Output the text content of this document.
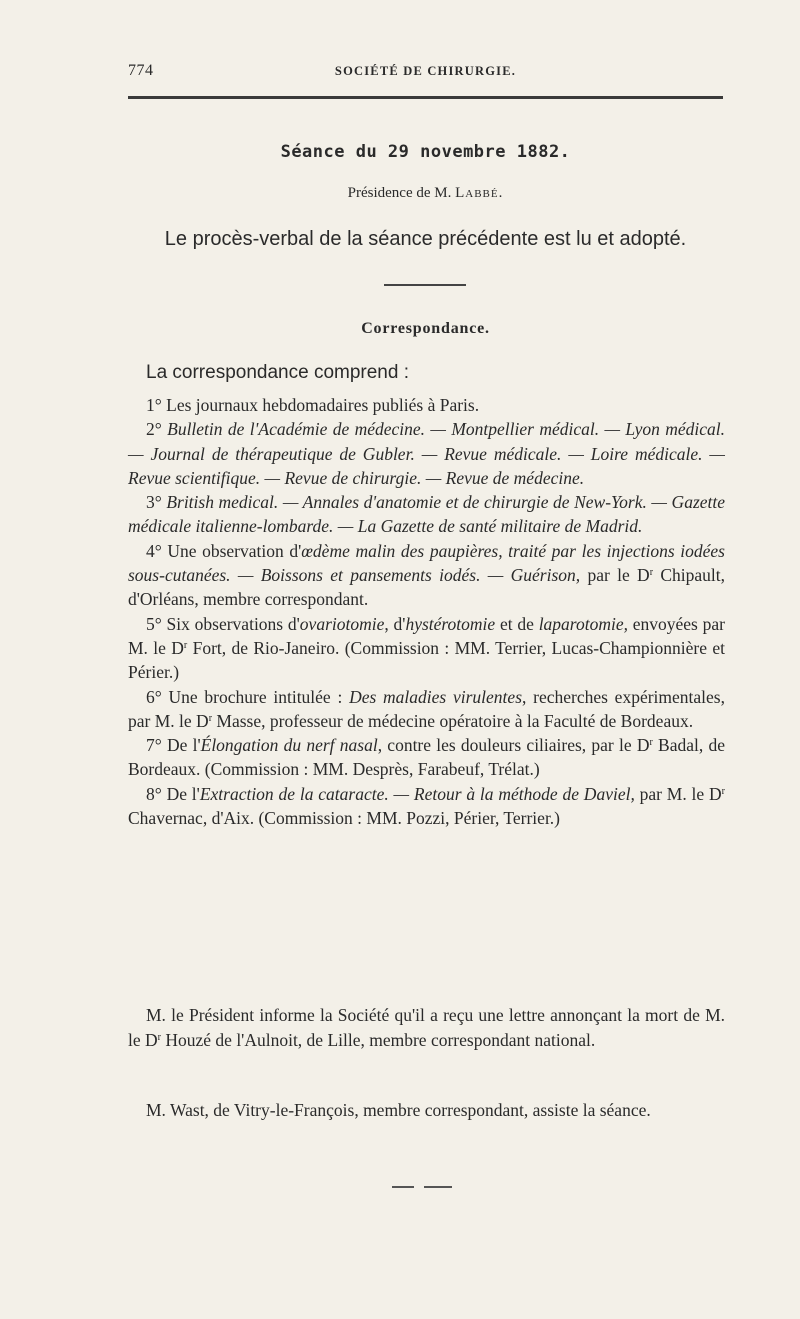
774	SOCIÉTÉ DE CHIRURGIE.
Séance du 29 novembre 1882.
Présidence de M. Labbé.
Le procès-verbal de la séance précédente est lu et adopté.
Correspondance.
La correspondance comprend :

1° Les journaux hebdomadaires publiés à Paris.

2° Bulletin de l'Académie de médecine. — Montpellier médical. — Lyon médical. — Journal de thérapeutique de Gubler. — Revue médicale. — Loire médicale. — Revue scientifique. — Revue de chirurgie. — Revue de médecine.

3° British medical. — Annales d'anatomie et de chirurgie de New-York. — Gazette médicale italienne-lombarde. — La Gazette de santé militaire de Madrid.

4° Une observation d'œdème malin des paupières, traité par les injections iodées sous-cutanées. — Boissons et pansements iodés. — Guérison, par le $D^r$ Chipault, d'Orléans, membre correspondant.

5° Six observations d'ovariotomie, d'hystérotomie et de laparotomie, envoyées par M. le $D^r$ Fort, de Rio-Janeiro. (Commission : MM. Terrier, Lucas-Championnière et Périer.)

6° Une brochure intitulée : Des maladies virulentes, recherches expérimentales, par M. le $D^r$ Masse, professeur de médecine opératoire à la Faculté de Bordeaux.

7° De l'Élongation du nerf nasal, contre les douleurs ciliaires, par le $D^r$ Badal, de Bordeaux. (Commission : MM. Desprès, Farabeuf, Trélat.)

8° De l'Extraction de la cataracte. — Retour à la méthode de Daviel, par M. le $D^r$ Chavernac, d'Aix. (Commission : MM. Pozzi, Périer, Terrier.)

M. le Président informe la Société qu'il a reçu une lettre annonçant la mort de M. le $D^r$ Houzé de l'Aulnoit, de Lille, membre correspondant national.

M. Wast, de Vitry-le-François, membre correspondant, assiste la séance.
